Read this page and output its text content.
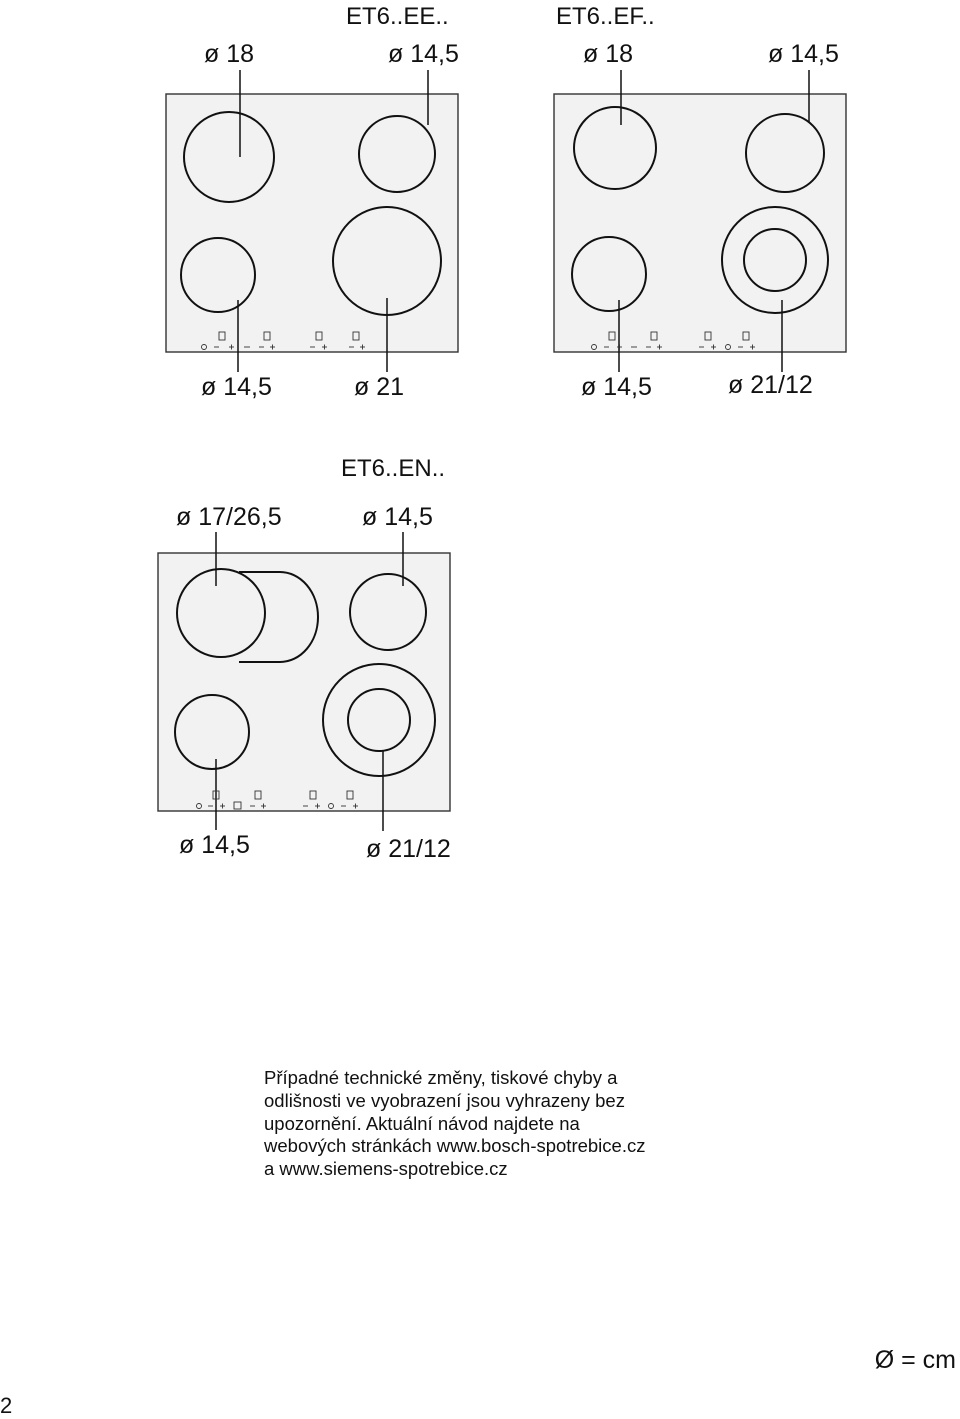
ET6..EE..
ø 18	ø 14,5
ø 14,5	ø 21
ET6..EF..
ø 18	ø 14,5
ø 14,5	ø 21/12
ET6..EN..
ø 17/26,5	ø 14,5
ø 14,5	ø 21/12
Případné technické změny, tiskové chyby a
odlišnosti ve vyobrazení jsou vyhrazeny bez
upozornění. Aktuální návod najdete na
webových stránkách www.bosch-spotrebice.cz
a www.siemens-spotrebice.cz
Ø = cm
2
